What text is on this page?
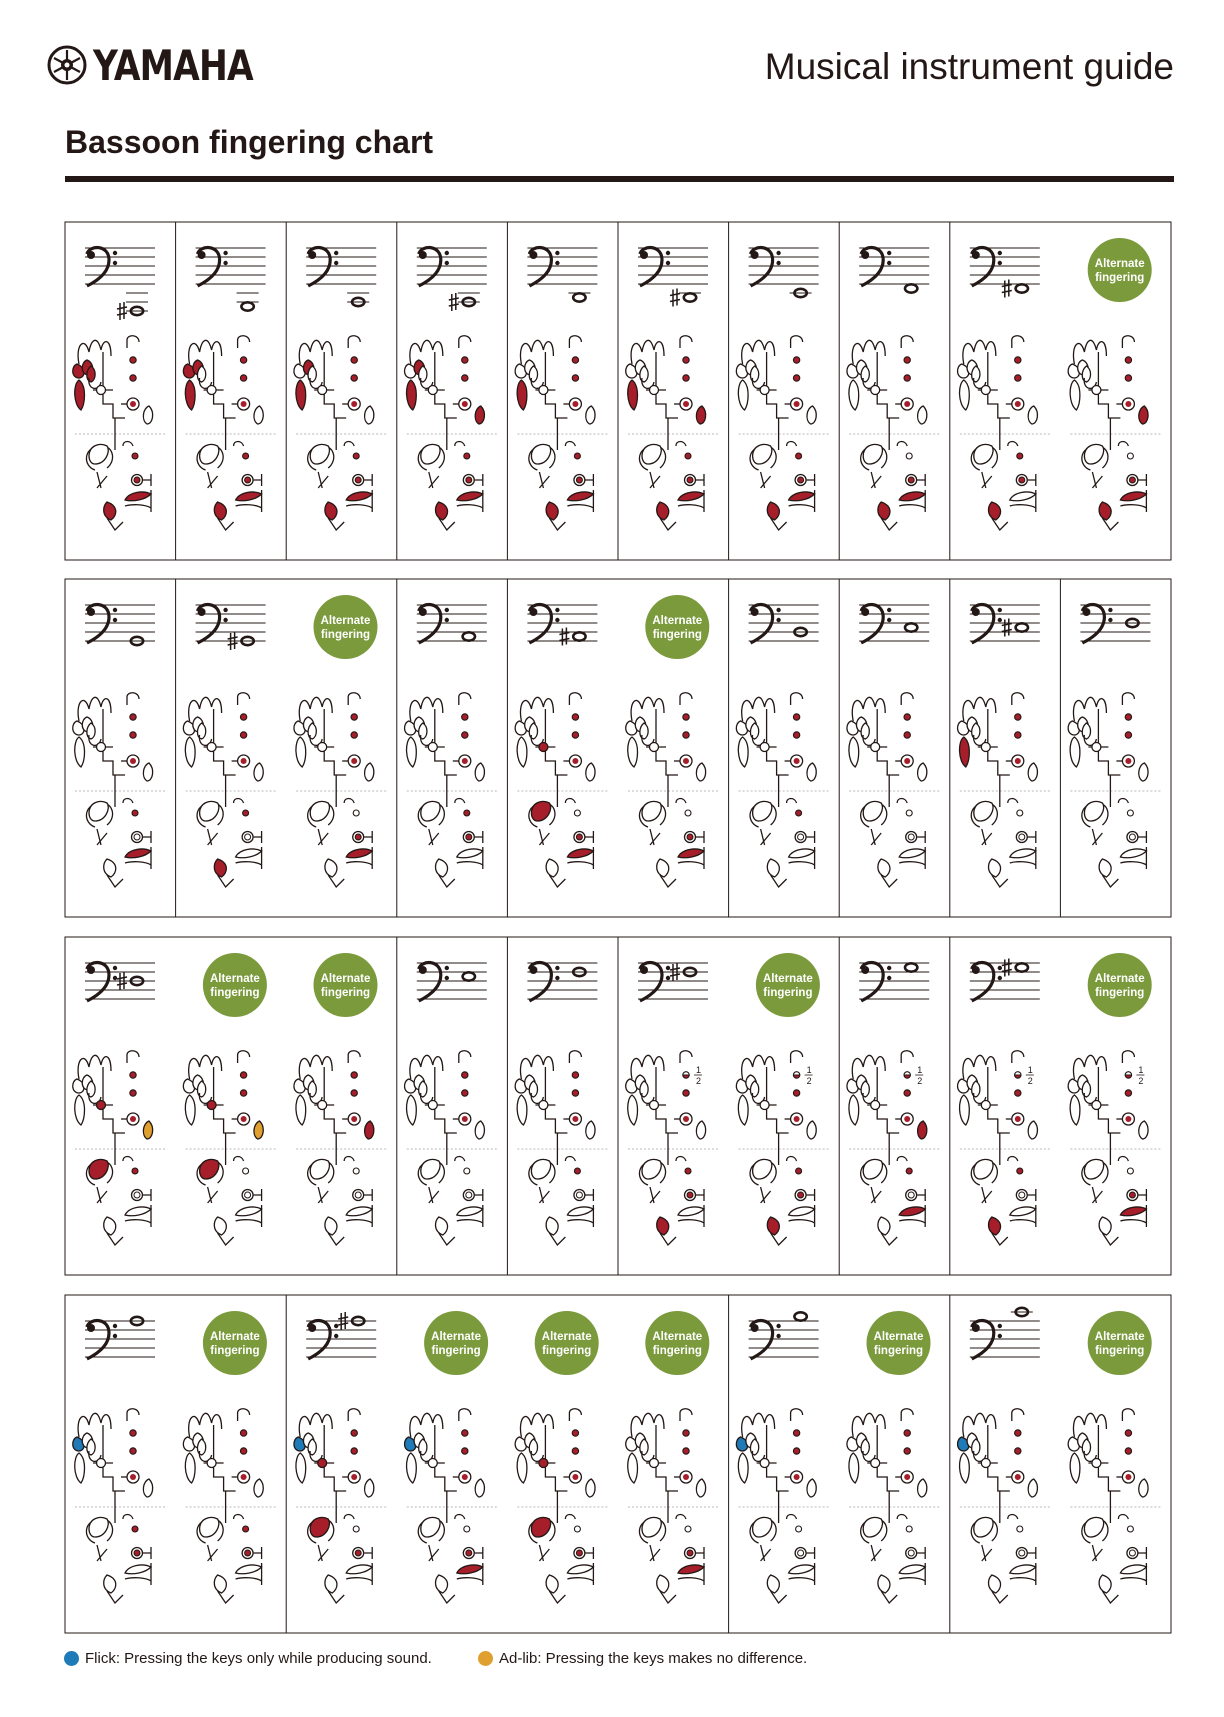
YAMAHA	Musical instrument guide
Bassoon fingering chart
Alternate
fingering
Alternate
fingering
Alternate
fingering
Alternate
fingering
Alternate
fingering
1
2
Alternate
fingering
1
2
1
2
1
2
Alternate
fingering
1
2
Alternate
fingering
Alternate
fingering
Alternate
fingering
Alternate
fingering
Alternate
fingering
Alternate
fingering
Flick: Pressing the keys only while producing sound.	Ad-lib: Pressing the keys makes no difference.
